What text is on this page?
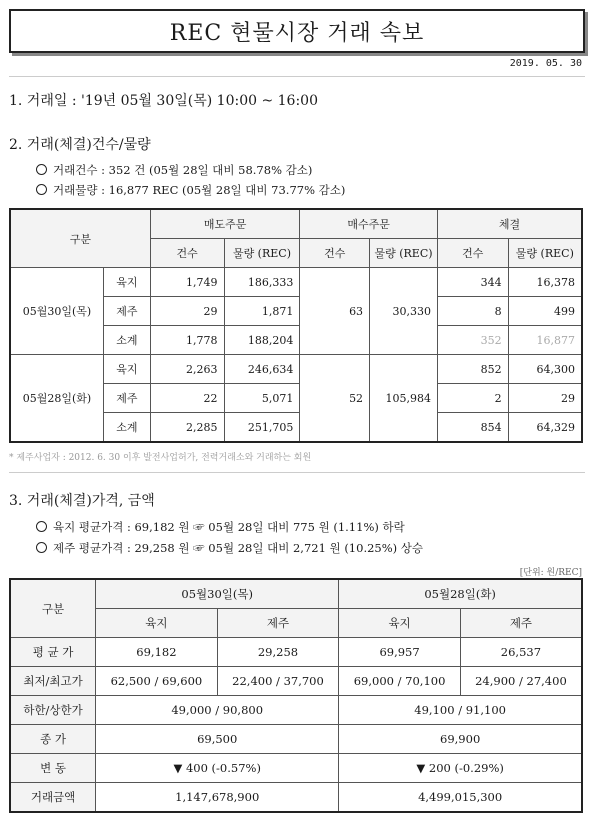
REC 현물시장 거래 속보
2019. 05. 30
1. 거래일 : '19년 05월 30일(목) 10:00 ~ 16:00
2. 거래(체결)건수/물량
거래건수 : 352 건 (05월 28일 대비 58.78% 감소)
거래물량 : 16,877 REC (05월 28일 대비 73.77% 감소)
구분		매도주문		매수주문		체결	
		건수	물량 (REC)	건수	물량 (REC)	건수	물량 (REC)
05월30일(목)	육지	1,749	186,333	63	30,330	344	16,378
	제주	29	1,871			8	499
	소계	1,778	188,204			352	16,877
05월28일(화)	육지	2,263	246,634	52	105,984	852	64,300
	제주	22	5,071			2	29
	소계	2,285	251,705			854	64,329
* 제주사업자 : 2012. 6. 30 이후 발전사업허가, 전력거래소와 거래하는 회원
3. 거래(체결)가격, 금액
육지 평균가격 : 69,182 원 ☞ 05월 28일 대비 775 원 (1.11%) 하락
제주 평균가격 : 29,258 원 ☞ 05월 28일 대비 2,721 원 (10.25%) 상승
[단위: 원/REC]
구분	05월30일(목)		05월28일(화)	
	육지	제주	육지	제주
평 균 가	69,182	29,258	69,957	26,537
최저/최고가	62,500 / 69,600	22,400 / 37,700	69,000 / 70,100	24,900 / 27,400
하한/상한가	49,000 / 90,800		49,100 / 91,100	
종 가	69,500		69,900	
변 동	▼ 400 (-0.57%)		▼ 200 (-0.29%)	
거래금액	1,147,678,900		4,499,015,300	
